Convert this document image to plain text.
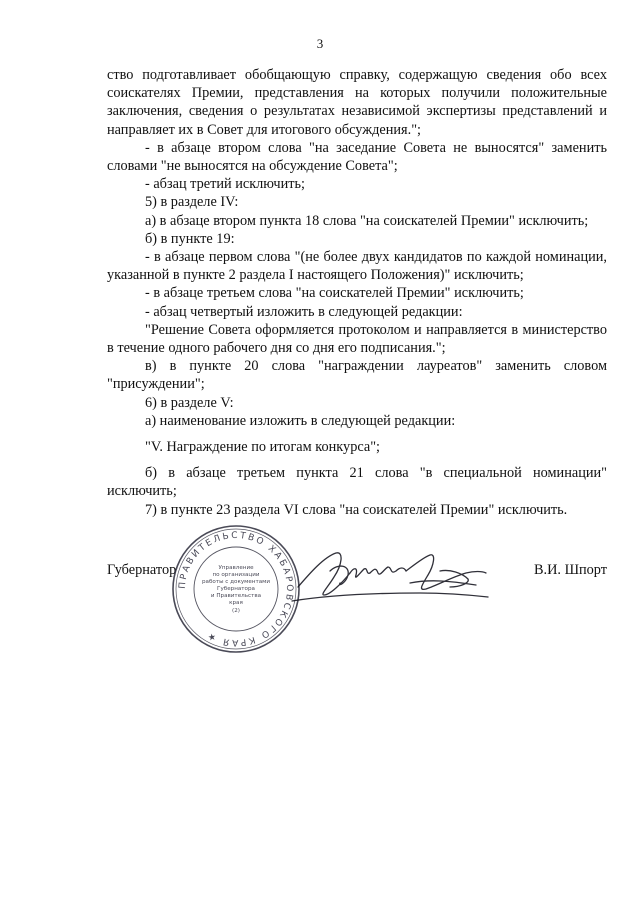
3

ство подготавливает обобщающую справку, содержащую сведения обо всех соискателях Премии, представления на которых получили положительные заключения, сведения о результатах независимой экспертизы представлений и направляет их в Совет для итогового обсуждения.";

- в абзаце втором слова "на заседание Совета не выносятся" заменить словами "не выносятся на обсуждение Совета";

- абзац третий исключить;

5) в разделе IV:

а) в абзаце втором пункта 18 слова "на соискателей Премии" исключить;

б) в пункте 19:

- в абзаце первом слова "(не более двух кандидатов по каждой номинации, указанной в пункте 2 раздела I настоящего Положения)" исключить;

- в абзаце третьем слова "на соискателей Премии" исключить;

- абзац четвертый изложить в следующей редакции:

"Решение Совета оформляется протоколом и направляется в министерство в течение одного рабочего дня со дня его подписания.";

в) в пункте 20 слова "награждении лауреатов" заменить словом "присуждении";

6) в разделе V:

а) наименование изложить в следующей редакции:

"V. Награждение по итогам конкурса";

б) в абзаце третьем пункта 21 слова "в специальной номинации" исключить;

7) в пункте 23 раздела VI слова "на соискателей Премии" исключить.

Губернатор	В.И. Шпорт
ПРАВИТЕЛЬСТВО ХАБАРОВСКОГО КРАЯ ★
Управление
по организации
работы с документами
Губернатора
и Правительства
края
(2)
